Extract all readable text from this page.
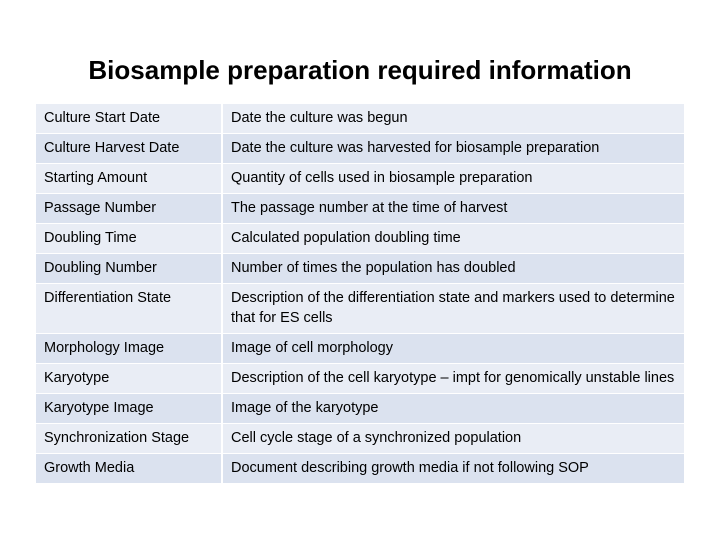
Biosample preparation required information
Culture Start Date	Date the culture was begun
Culture Harvest Date	Date the culture was harvested for biosample preparation
Starting Amount	Quantity of cells used in biosample preparation
Passage Number	The passage number at the time of harvest
Doubling Time	Calculated population doubling time
Doubling Number	Number of times the population has doubled
Differentiation State	Description of the differentiation state and markers used to determine that for ES cells
Morphology Image	Image of cell morphology
Karyotype	Description of the cell karyotype – impt for genomically unstable lines
Karyotype Image	Image of the karyotype
Synchronization Stage	Cell cycle stage of a synchronized population
Growth Media	Document describing growth media if not following SOP
